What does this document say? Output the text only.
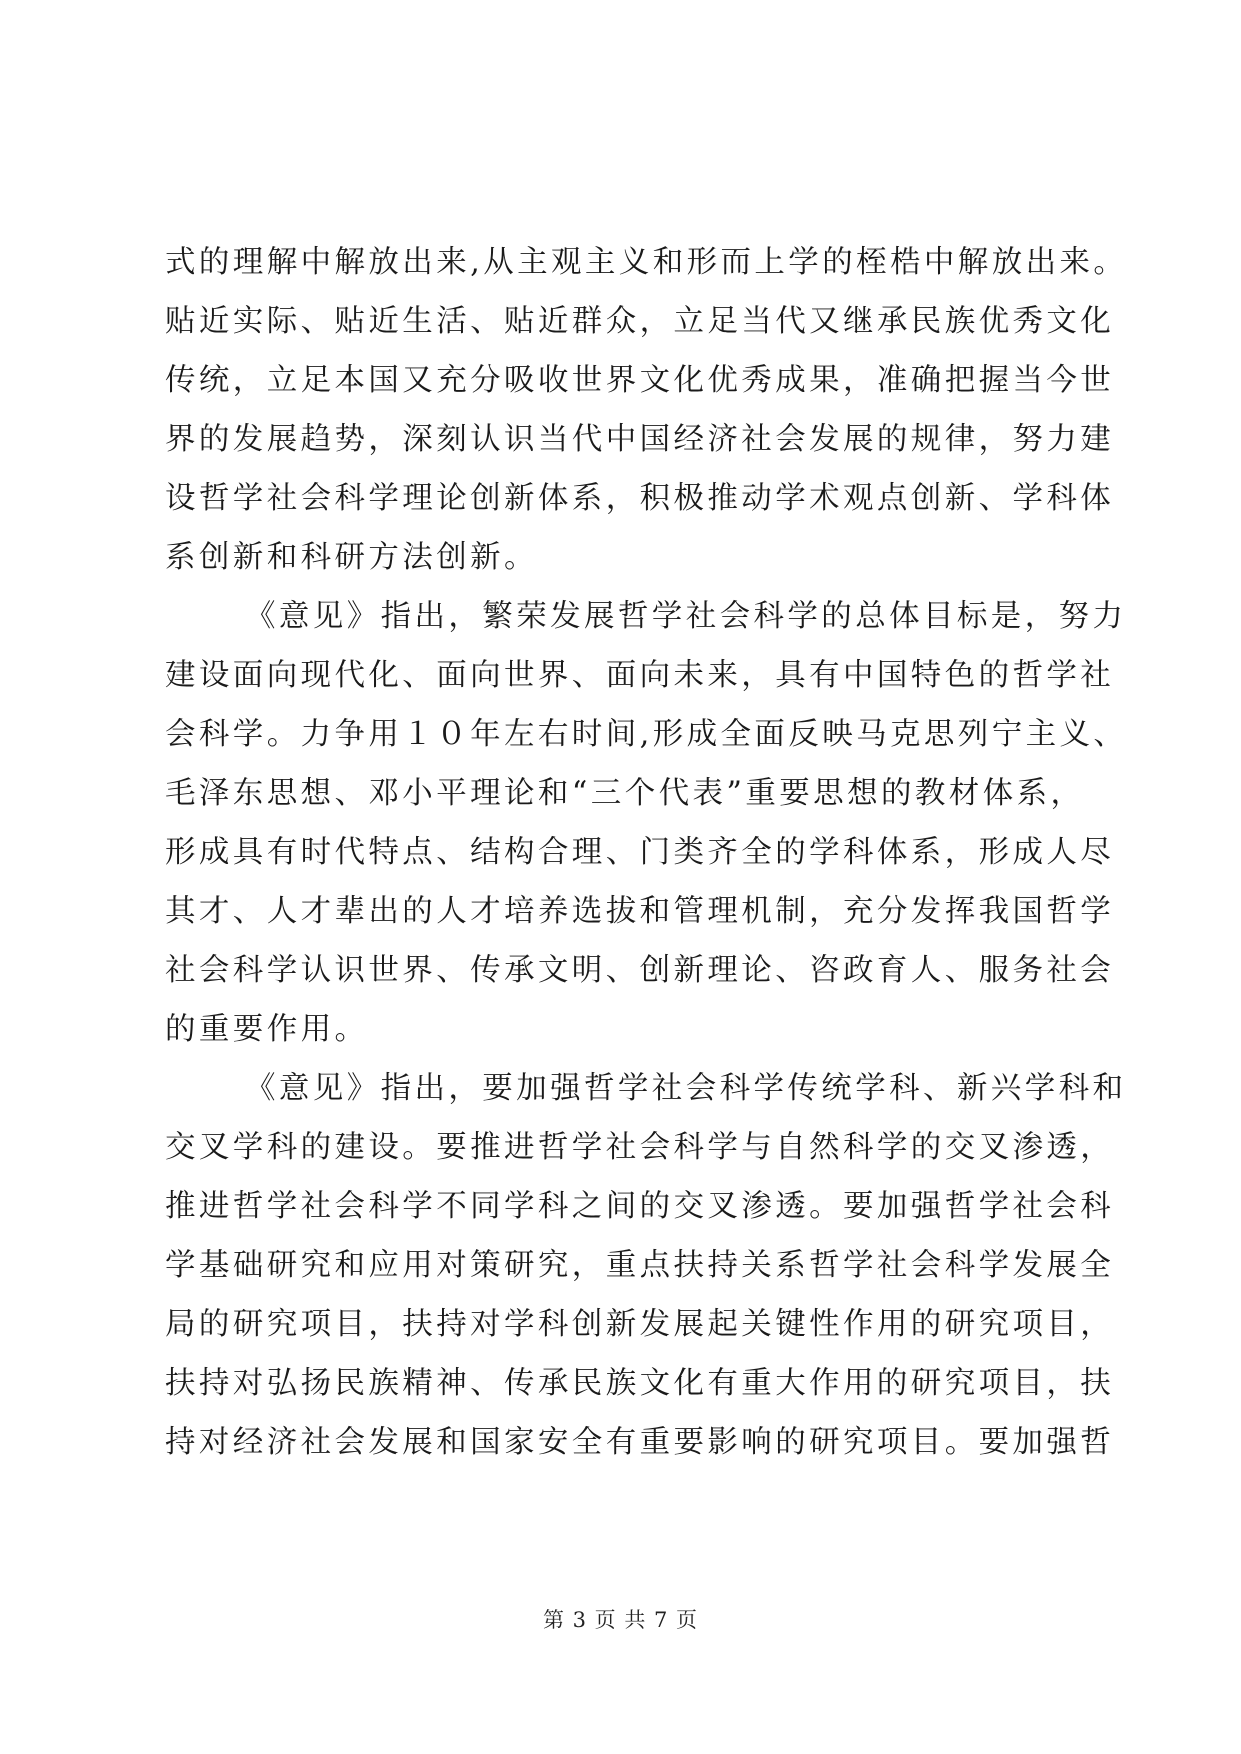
式的理解中解放出来,从主观主义和形而上学的桎梏中解放出来。
贴近实际、贴近生活、贴近群众，立足当代又继承民族优秀文化
传统，立足本国又充分吸收世界文化优秀成果，准确把握当今世
界的发展趋势，深刻认识当代中国经济社会发展的规律，努力建
设哲学社会科学理论创新体系，积极推动学术观点创新、学科体
系创新和科研方法创新。
《意见》指出，繁荣发展哲学社会科学的总体目标是，努力
建设面向现代化、面向世界、面向未来，具有中国特色的哲学社
会科学。力争用１０年左右时间,形成全面反映马克思列宁主义、
毛泽东思想、邓小平理论和“三个代表”重要思想的教材体系，
形成具有时代特点、结构合理、门类齐全的学科体系，形成人尽
其才、人才辈出的人才培养选拔和管理机制，充分发挥我国哲学
社会科学认识世界、传承文明、创新理论、咨政育人、服务社会
的重要作用。
《意见》指出，要加强哲学社会科学传统学科、新兴学科和
交叉学科的建设。要推进哲学社会科学与自然科学的交叉渗透，
推进哲学社会科学不同学科之间的交叉渗透。要加强哲学社会科
学基础研究和应用对策研究，重点扶持关系哲学社会科学发展全
局的研究项目，扶持对学科创新发展起关键性作用的研究项目，
扶持对弘扬民族精神、传承民族文化有重大作用的研究项目，扶
持对经济社会发展和国家安全有重要影响的研究项目。要加强哲
第 3 页 共 7 页
